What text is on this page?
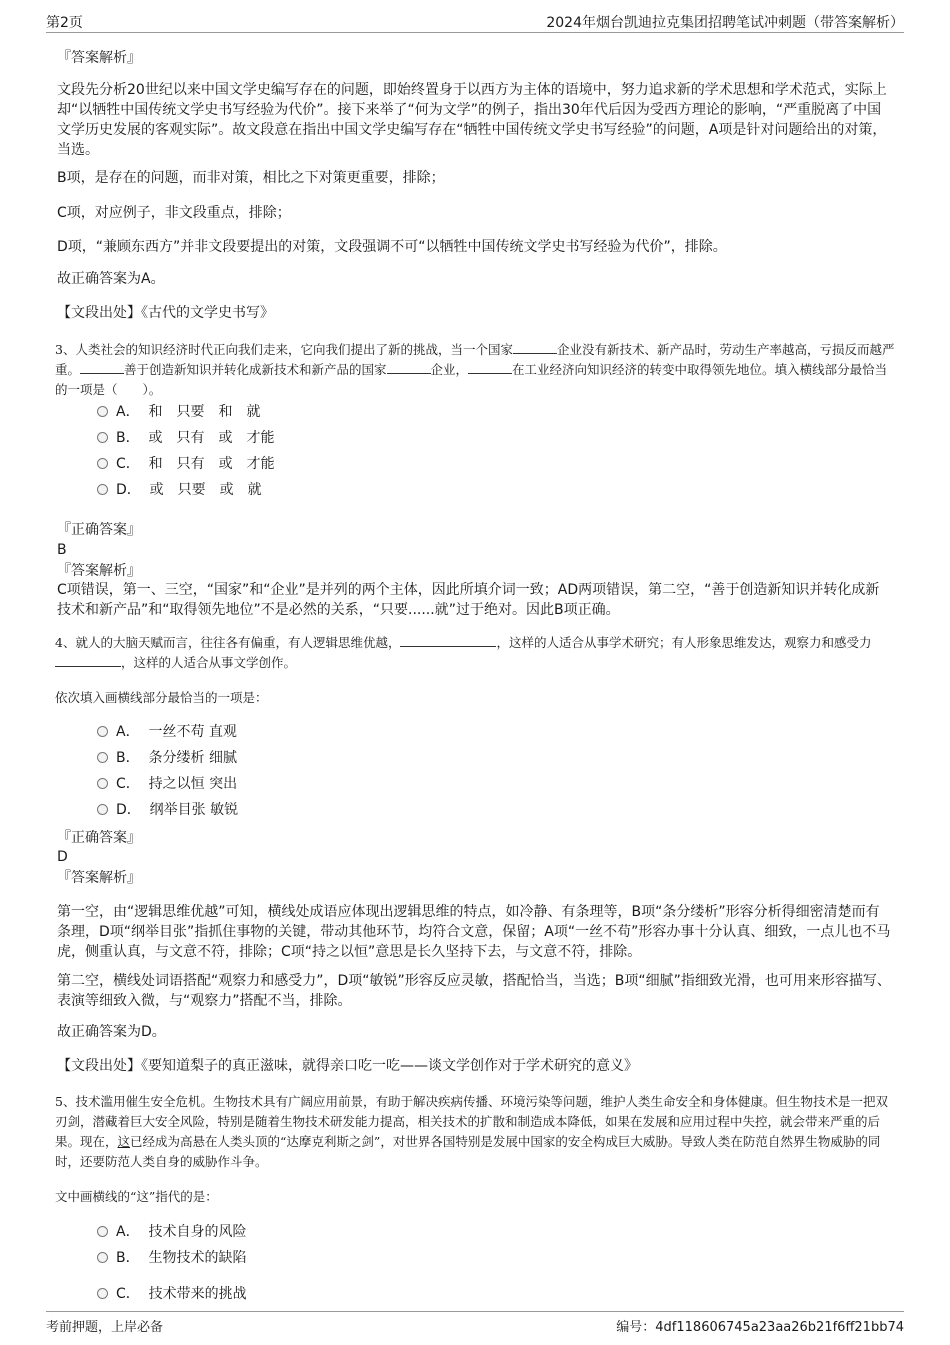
第2页	2024年烟台凯迪拉克集团招聘笔试冲刺题（带答案解析）
『答案解析』
文段先分析20世纪以来中国文学史编写存在的问题，即始终置身于以西方为主体的语境中，努力追求新的学术思想和学术范式，实际上却“以牺牲中国传统文学史书写经验为代价”。接下来举了“何为文学”的例子，指出30年代后因为受西方理论的影响，“严重脱离了中国文学历史发展的客观实际”。故文段意在指出中国文学史编写存在“牺牲中国传统文学史书写经验”的问题，A项是针对问题给出的对策，当选。
B项，是存在的问题，而非对策，相比之下对策更重要，排除；
C项，对应例子，非文段重点，排除；
D项，“兼顾东西方”并非文段要提出的对策，文段强调不可“以牺牲中国传统文学史书写经验为代价”，排除。
故正确答案为A。
【文段出处】《古代的文学史书写》
3、人类社会的知识经济时代正向我们走来，它向我们提出了新的挑战，当一个国家	企业没有新技术、新产品时，劳动生产率越高，亏损反而越严重。	善于创造新知识并转化成新技术和新产品的国家	企业，	在工业经济向知识经济的转变中取得领先地位。填入横线部分最恰当的一项是（　　）。
A．  和　只要　和　就
B．  或　只有　或　才能
C．  和　只有　或　才能
D．  或　只要　或　就
『正确答案』
B
『答案解析』
C项错误，第一、三空，“国家”和“企业”是并列的两个主体，因此所填介词一致；AD两项错误，第二空，“善于创造新知识并转化成新技术和新产品”和“取得领先地位”不是必然的关系，“只要......就”过于绝对。因此B项正确。
4、就人的大脑天赋而言，往往各有偏重，有人逻辑思维优越，	，这样的人适合从事学术研究；有人形象思维发达，观察力和感受力，这样的人适合从事文学创作。
依次填入画横线部分最恰当的一项是：
A．  一丝不苟 直观
B．  条分缕析 细腻
C．  持之以恒 突出
D．  纲举目张 敏锐
『正确答案』
D
『答案解析』
第一空，由“逻辑思维优越”可知，横线处成语应体现出逻辑思维的特点，如冷静、有条理等，B项“条分缕析”形容分析得细密清楚而有条理，D项“纲举目张”指抓住事物的关键，带动其他环节，均符合文意，保留；A项“一丝不苟”形容办事十分认真、细致，一点儿也不马虎，侧重认真，与文意不符，排除；C项“持之以恒”意思是长久坚持下去，与文意不符，排除。
第二空，横线处词语搭配“观察力和感受力”，D项“敏锐”形容反应灵敏，搭配恰当，当选；B项“细腻”指细致光滑，也可用来形容描写、表演等细致入微，与“观察力”搭配不当，排除。
故正确答案为D。
【文段出处】《要知道梨子的真正滋味，就得亲口吃一吃——谈文学创作对于学术研究的意义》
5、技术滥用催生安全危机。生物技术具有广阔应用前景，有助于解决疾病传播、环境污染等问题，维护人类生命安全和身体健康。但生物技术是一把双刃剑，潜藏着巨大安全风险，特别是随着生物技术研发能力提高，相关技术的扩散和制造成本降低，如果在发展和应用过程中失控，就会带来严重的后果。现在，这已经成为高悬在人类头顶的“达摩克利斯之剑”，对世界各国特别是发展中国家的安全构成巨大威胁。导致人类在防范自然界生物威胁的同时，还要防范人类自身的威胁作斗争。
文中画横线的“这”指代的是：
A．  技术自身的风险
B．  生物技术的缺陷
C．  技术带来的挑战
考前押题，上岸必备	编号：4df118606745a23aa26b21f6ff21bb74
